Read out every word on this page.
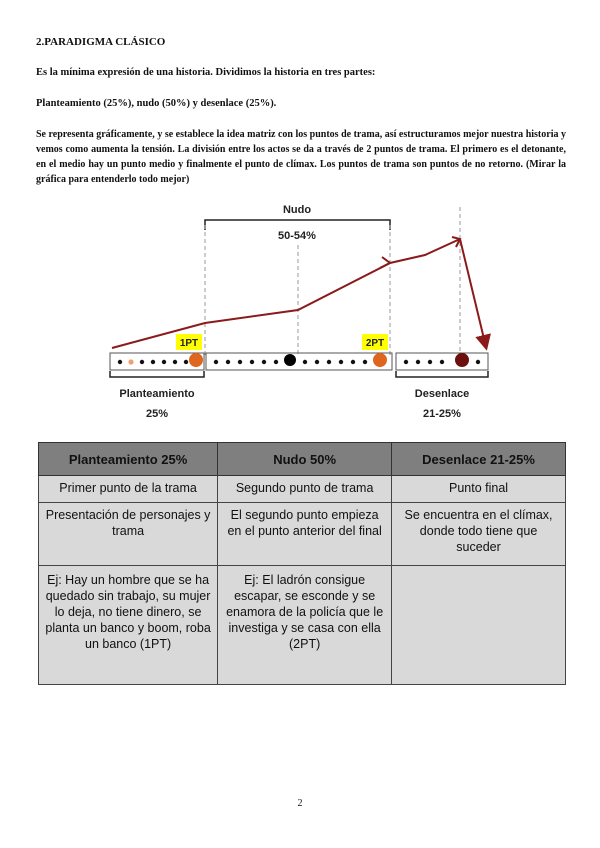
2.PARADIGMA CLÁSICO
Es la mínima expresión de una historia. Dividimos la historia en tres partes:
Planteamiento (25%), nudo (50%) y desenlace (25%).
Se representa gráficamente, y se establece la idea matriz con los puntos de trama, así estructuramos mejor nuestra historia y vemos como aumenta la tensión. La división entre los actos se da a través de 2 puntos de trama. El primero es el detonante, en el medio hay un punto medio y finalmente el punto de clímax. Los puntos de trama son puntos de no retorno. (Mirar la gráfica para entenderlo todo mejor)
Nudo
50-54%
1PT	2PT
Planteamiento
25%
Desenlace
21-25%
Planteamiento 25%	Nudo 50%	Desenlace 21-25%
Primer punto de la trama	Segundo punto de trama	Punto final
Presentación de personajes y trama	El segundo punto empieza en el punto anterior del final	Se encuentra en el clímax, donde todo tiene que suceder
Ej: Hay un hombre que se ha quedado sin trabajo, su mujer lo deja, no tiene dinero, se planta un banco y boom, roba un banco (1PT)	Ej: El ladrón consigue escapar, se esconde y se enamora de la policía que le investiga y se casa con ella (2PT)	
2
